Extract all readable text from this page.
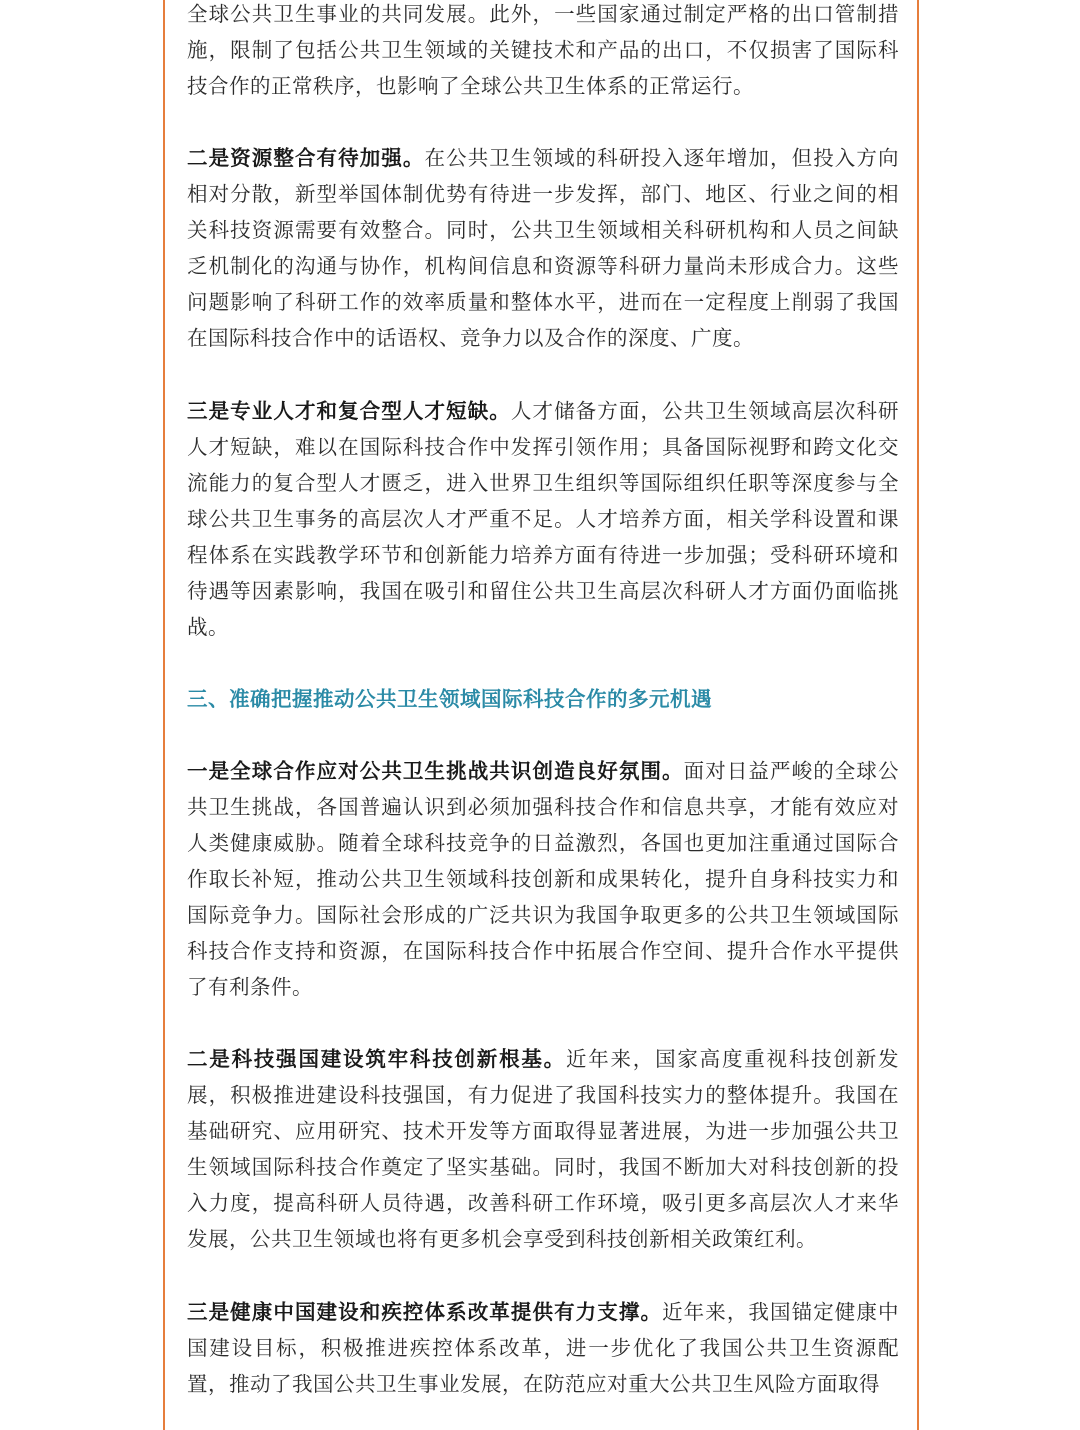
全球公共卫生事业的共同发展。此外，一些国家通过制定严格的出口管制措施，限制了包括公共卫生领域的关键技术和产品的出口，不仅损害了国际科技合作的正常秩序，也影响了全球公共卫生体系的正常运行。

二是资源整合有待加强。在公共卫生领域的科研投入逐年增加，但投入方向相对分散，新型举国体制优势有待进一步发挥，部门、地区、行业之间的相关科技资源需要有效整合。同时，公共卫生领域相关科研机构和人员之间缺乏机制化的沟通与协作，机构间信息和资源等科研力量尚未形成合力。这些问题影响了科研工作的效率质量和整体水平，进而在一定程度上削弱了我国在国际科技合作中的话语权、竞争力以及合作的深度、广度。

三是专业人才和复合型人才短缺。人才储备方面，公共卫生领域高层次科研人才短缺，难以在国际科技合作中发挥引领作用；具备国际视野和跨文化交流能力的复合型人才匮乏，进入世界卫生组织等国际组织任职等深度参与全球公共卫生事务的高层次人才严重不足。人才培养方面，相关学科设置和课程体系在实践教学环节和创新能力培养方面有待进一步加强；受科研环境和待遇等因素影响，我国在吸引和留住公共卫生高层次科研人才方面仍面临挑战。

三、准确把握推动公共卫生领域国际科技合作的多元机遇

一是全球合作应对公共卫生挑战共识创造良好氛围。面对日益严峻的全球公共卫生挑战，各国普遍认识到必须加强科技合作和信息共享，才能有效应对人类健康威胁。随着全球科技竞争的日益激烈，各国也更加注重通过国际合作取长补短，推动公共卫生领域科技创新和成果转化，提升自身科技实力和国际竞争力。国际社会形成的广泛共识为我国争取更多的公共卫生领域国际科技合作支持和资源，在国际科技合作中拓展合作空间、提升合作水平提供了有利条件。

二是科技强国建设筑牢科技创新根基。近年来，国家高度重视科技创新发展，积极推进建设科技强国，有力促进了我国科技实力的整体提升。我国在基础研究、应用研究、技术开发等方面取得显著进展，为进一步加强公共卫生领域国际科技合作奠定了坚实基础。同时，我国不断加大对科技创新的投入力度，提高科研人员待遇，改善科研工作环境，吸引更多高层次人才来华发展，公共卫生领域也将有更多机会享受到科技创新相关政策红利。

三是健康中国建设和疾控体系改革提供有力支撑。近年来，我国锚定健康中国建设目标，积极推进疾控体系改革，进一步优化了我国公共卫生资源配置，推动了我国公共卫生事业发展，在防范应对重大公共卫生风险方面取得
